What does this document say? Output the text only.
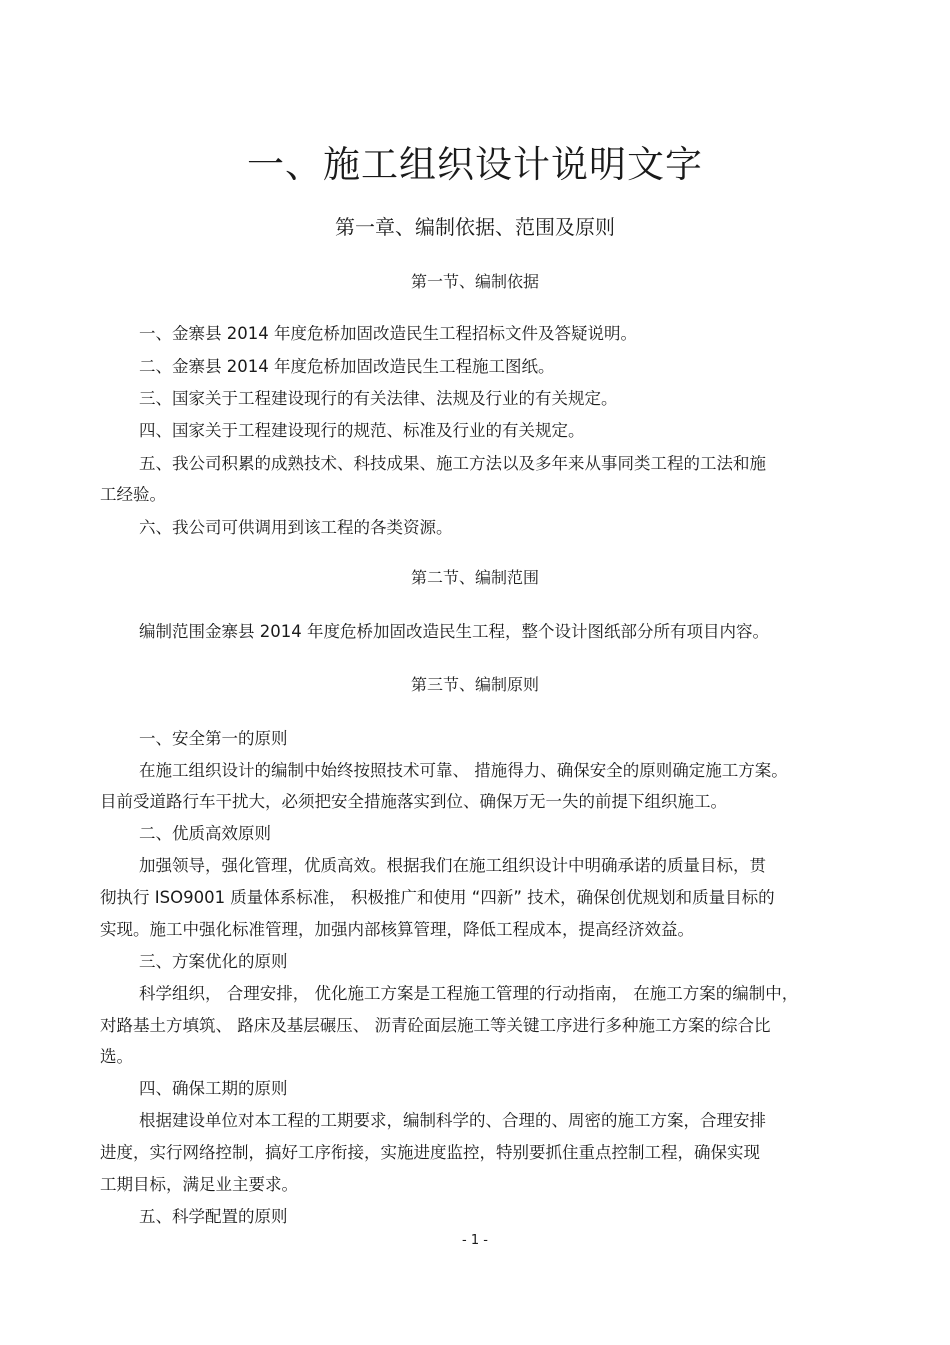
一、施工组织设计说明文字
第一章、编制依据、范围及原则
第一节、编制依据
一、金寨县 2014 年度危桥加固改造民生工程招标文件及答疑说明。
二、金寨县 2014 年度危桥加固改造民生工程施工图纸。
三、国家关于工程建设现行的有关法律、法规及行业的有关规定。
四、国家关于工程建设现行的规范、标准及行业的有关规定。
五、我公司积累的成熟技术、科技成果、施工方法以及多年来从事同类工程的工法和施
工经验。
六、我公司可供调用到该工程的各类资源。
第二节、编制范围
编制范围金寨县 2014 年度危桥加固改造民生工程，整个设计图纸部分所有项目内容。
第三节、编制原则
一、安全第一的原则
在施工组织设计的编制中始终按照技术可靠、 措施得力、确保安全的原则确定施工方案。
目前受道路行车干扰大，必须把安全措施落实到位、确保万无一失的前提下组织施工。
二、优质高效原则
加强领导，强化管理，优质高效。根据我们在施工组织设计中明确承诺的质量目标，贯
彻执行 ISO9001 质量体系标准， 积极推广和使用 “四新” 技术，确保创优规划和质量目标的
实现。施工中强化标准管理，加强内部核算管理，降低工程成本，提高经济效益。
三、方案优化的原则
科学组织， 合理安排， 优化施工方案是工程施工管理的行动指南， 在施工方案的编制中，
对路基土方填筑、 路床及基层碾压、 沥青砼面层施工等关键工序进行多种施工方案的综合比
选。
四、确保工期的原则
根据建设单位对本工程的工期要求，编制科学的、合理的、周密的施工方案，合理安排
进度，实行网络控制，搞好工序衔接，实施进度监控，特别要抓住重点控制工程，确保实现
工期目标，满足业主要求。
五、科学配置的原则
- 1 -
